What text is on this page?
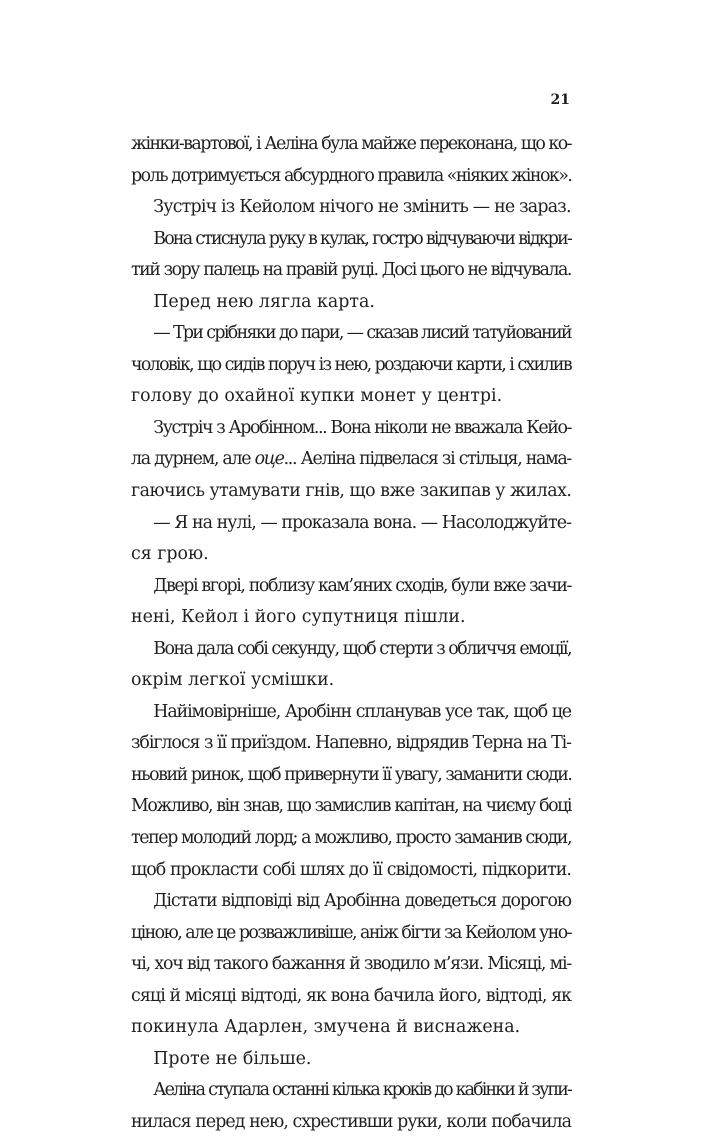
21
жінки-вартової, і Аеліна була майже переконана, що ко-
роль дотримується абсурдного правила «ніяких жінок».
Зустріч із Кейолом нічого не змінить — не зараз.
Вона стиснула руку в кулак, гостро відчуваючи відкри-
тий зору палець на правій руці. Досі цього не відчувала.
Перед нею лягла карта.
— Три срібняки до пари, — сказав лисий татуйований
чоловік, що сидів поруч із нею, роздаючи карти, і схилив
голову до охайної купки монет у центрі.
Зустріч з Аробінном... Вона ніколи не вважала Кейо-
ла дурнем, але оце... Аеліна підвелася зі стільця, нама-
гаючись утамувати гнів, що вже закипав у жилах.
— Я на нулі, — проказала вона. — Насолоджуйте-
ся грою.
Двері вгорі, поблизу кам’яних сходів, були вже зачи-
нені, Кейол і його супутниця пішли.
Вона дала собі секунду, щоб стерти з обличчя емоції,
окрім легкої усмішки.
Найімовірніше, Аробінн спланував усе так, щоб це
збіглося з її приїздом. Напевно, відрядив Терна на Ті-
ньовий ринок, щоб привернути її увагу, заманити сюди.
Можливо, він знав, що замислив капітан, на чиєму боці
тепер молодий лорд; а можливо, просто заманив сюди,
щоб прокласти собі шлях до її свідомості, підкорити.
Дістати відповіді від Аробінна доведеться дорогою
ціною, але це розважливіше, аніж бігти за Кейолом уно-
чі, хоч від такого бажання й зводило м’язи. Місяці, мі-
сяці й місяці відтоді, як вона бачила його, відтоді, як
покинула Адарлен, змучена й виснажена.
Проте не більше.
Аеліна ступала останні кілька кроків до кабінки й зупи-
нилася перед нею, схрестивши руки, коли побачила
